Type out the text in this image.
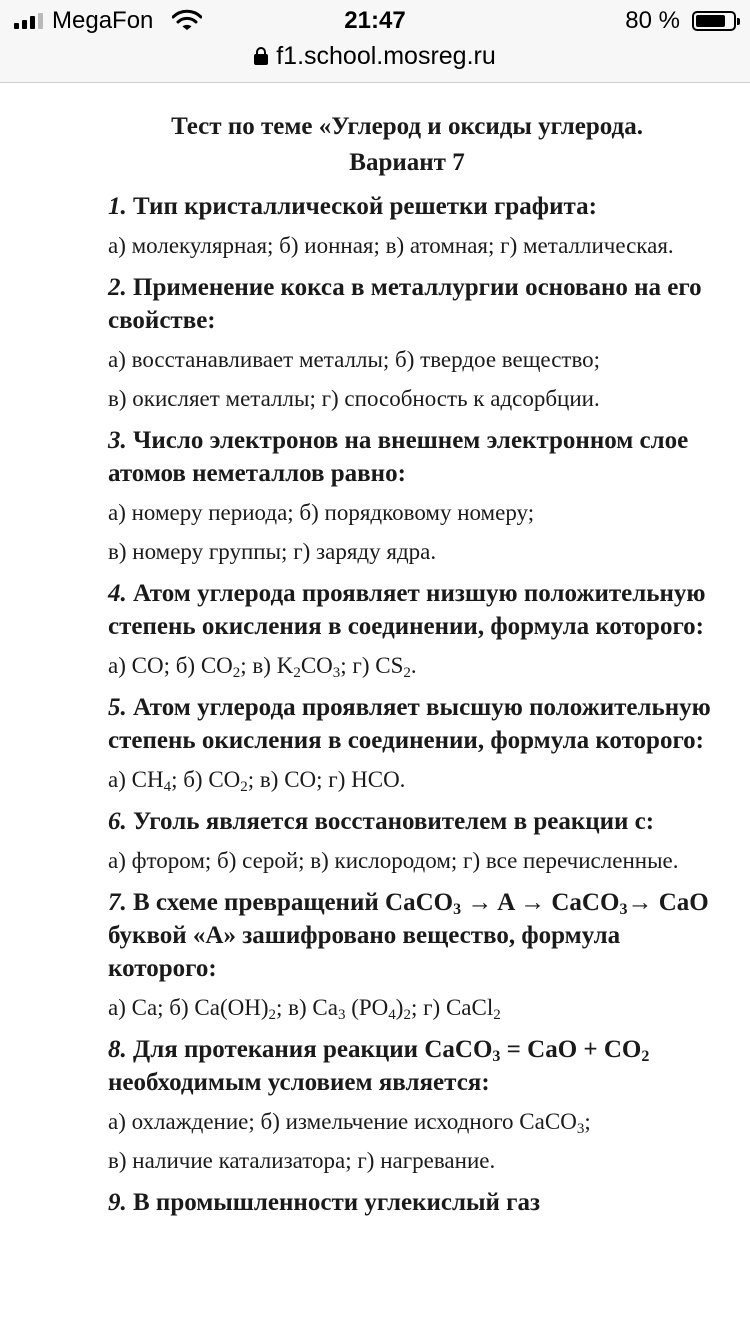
MegaFon	21:47	80 %
f1.school.mosreg.ru
Тест по теме «Углерод и оксиды углерода.
Вариант 7
1. Тип кристаллической решетки графита:
а) молекулярная; б) ионная; в) атомная; г) металлическая.
2. Применение кокса в металлургии основано на его свойстве:
а) восстанавливает металлы; б) твердое вещество;
в) окисляет металлы; г) способность к адсорбции.
3. Число электронов на внешнем электронном слое атомов неметаллов равно:
а) номеру периода; б) порядковому номеру;
в) номеру группы; г) заряду ядра.
4. Атом углерода проявляет низшую положительную степень окисления в соединении, формула которого:
а) CO; б) $CO_2$; в) $K_2CO_3$; г) $CS_2$.
5. Атом углерода проявляет высшую положительную степень окисления в соединении, формула которого:
а) $CH_4$; б) $CO_2$; в) CO; г) HCO.
6. Уголь является восстановителем в реакции с:
а) фтором; б) серой; в) кислородом; г) все перечисленные.
7. В схеме превращений CaCO$_3$ → A → CaCO$_3$→ CaO буквой «А» зашифровано вещество, формула которого:
а) Ca; б) $Ca(OH)_2$; в) $Ca_3$ $(PO_4)_2$; г) CaCl$_2$
8. Для протекания реакции CaCO$_3$ = CaO + $CO_2$ необходимым условием является:
а) охлаждение; б) измельчение исходного CaCO$_3$;
в) наличие катализатора; г) нагревание.
9. В промышленности углекислый газ
